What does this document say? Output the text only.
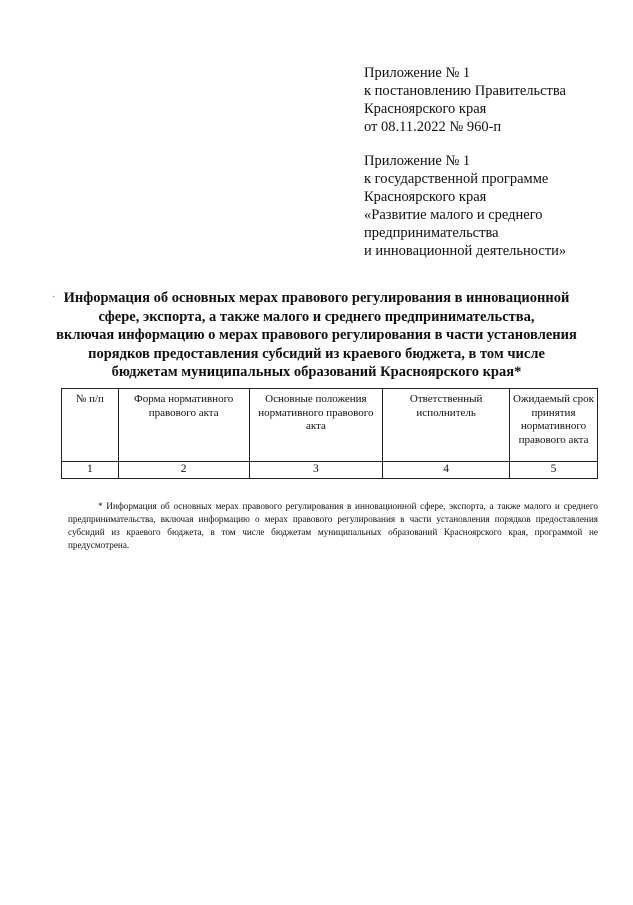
Приложение № 1
к постановлению Правительства
Красноярского края
от 08.11.2022 № 960-п
Приложение № 1
к государственной программе
Красноярского края
«Развитие малого и среднего
предпринимательства
и инновационной деятельности»
· Информация об основных мерах правового регулирования в инновационной
сфере, экспорта, а также малого и среднего предпринимательства,
включая информацию о мерах правового регулирования в части установления
порядков предоставления субсидий из краевого бюджета, в том числе
бюджетам муниципальных образований Красноярского края*
№ п/п	Форма нормативного правового акта	Основные положения нормативного правового акта	Ответственный исполнитель	Ожидаемый срок принятия нормативного правового акта
1	2	3	4	5
* Информация об основных мерах правового регулирования в инновационной сфере, экспорта, а также малого и среднего предпринимательства, включая информацию о мерах правового регулирования в части установления порядков предоставления субсидий из краевого бюджета, в том числе бюджетам муниципальных образований Красноярского края, программой не предусмотрена.
